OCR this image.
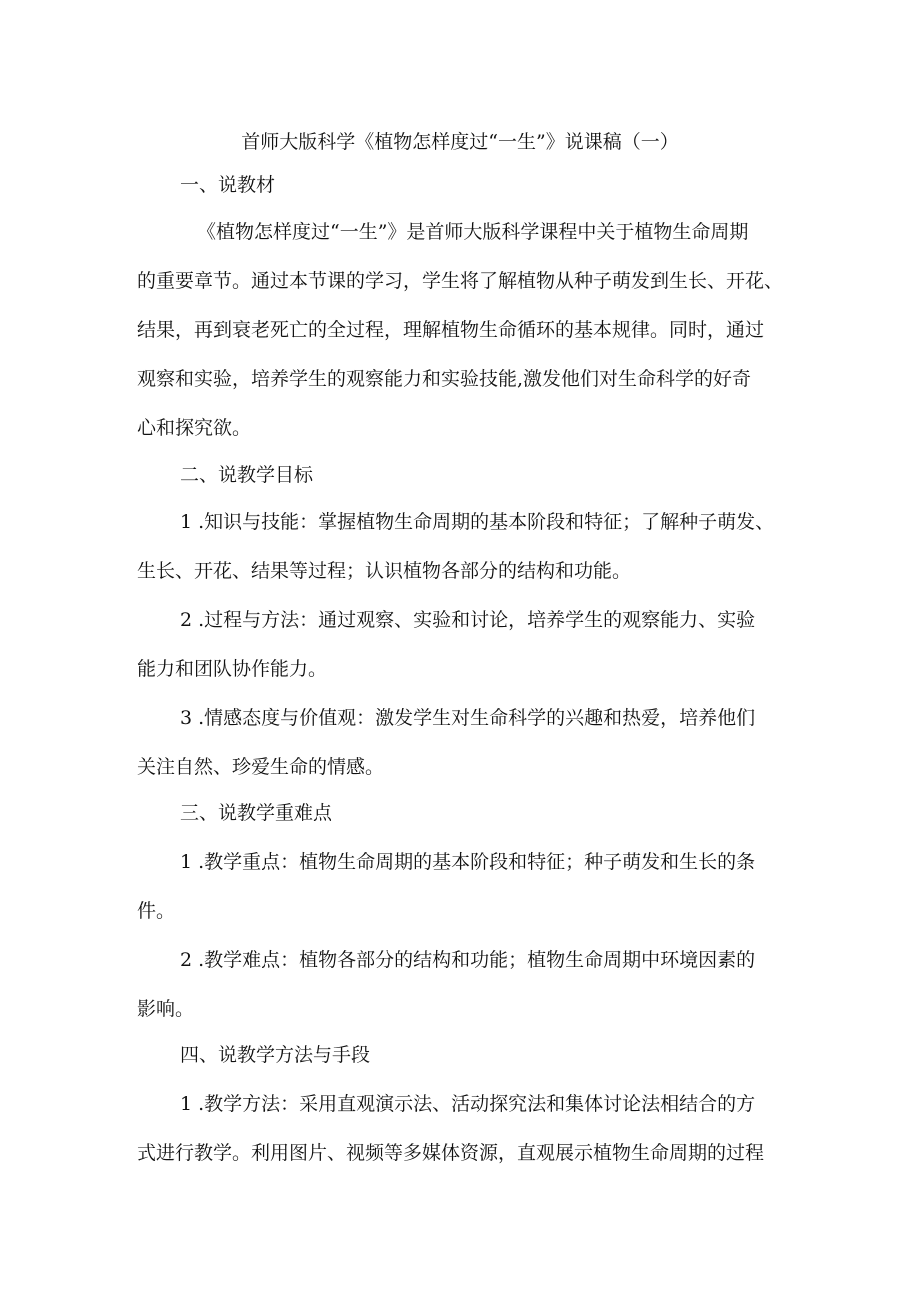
首师大版科学《植物怎样度过“一生”》说课稿（一）
一、说教材
《植物怎样度过“一生”》是首师大版科学课程中关于植物生命周期
的重要章节。通过本节课的学习，学生将了解植物从种子萌发到生长、开花、
结果，再到衰老死亡的全过程，理解植物生命循环的基本规律。同时，通过
观察和实验，培养学生的观察能力和实验技能,激发他们对生命科学的好奇
心和探究欲。
二、说教学目标
1 .知识与技能：掌握植物生命周期的基本阶段和特征；了解种子萌发、
生长、开花、结果等过程；认识植物各部分的结构和功能。
2 .过程与方法：通过观察、实验和讨论，培养学生的观察能力、实验
能力和团队协作能力。
3 .情感态度与价值观：激发学生对生命科学的兴趣和热爱，培养他们
关注自然、珍爱生命的情感。
三、说教学重难点
1 .教学重点：植物生命周期的基本阶段和特征；种子萌发和生长的条
件。
2 .教学难点：植物各部分的结构和功能；植物生命周期中环境因素的
影响。
四、说教学方法与手段
1 .教学方法：采用直观演示法、活动探究法和集体讨论法相结合的方
式进行教学。利用图片、视频等多媒体资源，直观展示植物生命周期的过程
